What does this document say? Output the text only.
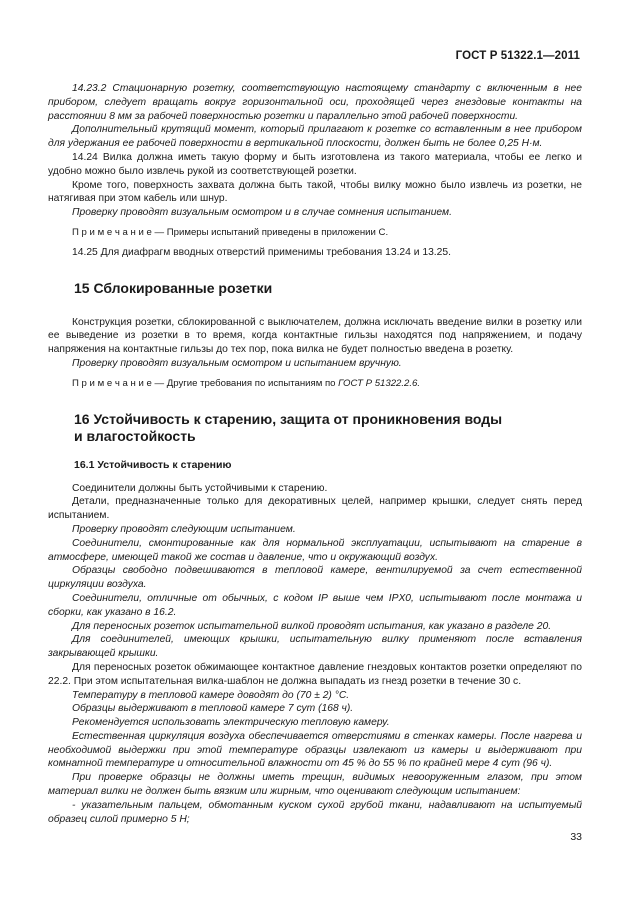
ГОСТ Р 51322.1—2011

14.23.2 Стационарную розетку, соответствующую настоящему стандарту с включенным в нее прибором, следует вращать вокруг горизонтальной оси, проходящей через гнездовые контакты на расстоянии 8 мм за рабочей поверхностью розетки и параллельно этой рабочей поверхности.

Дополнительный крутящий момент, который прилагают к розетке со вставленным в нее прибором для удержания ее рабочей поверхности в вертикальной плоскости, должен быть не более 0,25 Н·м.

14.24 Вилка должна иметь такую форму и быть изготовлена из такого материала, чтобы ее легко и удобно можно было извлечь рукой из соответствующей розетки.

Кроме того, поверхность захвата должна быть такой, чтобы вилку можно было извлечь из розетки, не натягивая при этом кабель или шнур.

Проверку проводят визуальным осмотром и в случае сомнения испытанием.

П р и м е ч а н и е — Примеры испытаний приведены в приложении С.

14.25 Для диафрагм вводных отверстий применимы требования 13.24 и 13.25.

15 Сблокированные розетки

Конструкция розетки, сблокированной с выключателем, должна исключать введение вилки в розетку или ее выведение из розетки в то время, когда контактные гильзы находятся под напряжением, и подачу напряжения на контактные гильзы до тех пор, пока вилка не будет полностью введена в розетку.

Проверку проводят визуальным осмотром и испытанием вручную.

П р и м е ч а н и е — Другие требования по испытаниям по ГОСТ Р 51322.2.6.

16 Устойчивость к старению, защита от проникновения воды
и влагостойкость
16.1 Устойчивость к старению

Соединители должны быть устойчивыми к старению.

Детали, предназначенные только для декоративных целей, например крышки, следует снять перед испытанием.

Проверку проводят следующим испытанием.

Соединители, смонтированные как для нормальной эксплуатации, испытывают на старение в атмосфере, имеющей такой же состав и давление, что и окружающий воздух.

Образцы свободно подвешиваются в тепловой камере, вентилируемой за счет естественной циркуляции воздуха.

Соединители, отличные от обычных, с кодом IP выше чем IPX0, испытывают после монтажа и сборки, как указано в 16.2.

Для переносных розеток испытательной вилкой проводят испытания, как указано в разделе 20.

Для соединителей, имеющих крышки, испытательную вилку применяют после вставления закрывающей крышки.

Для переносных розеток обжимающее контактное давление гнездовых контактов розетки определяют по 22.2. При этом испытательная вилка-шаблон не должна выпадать из гнезд розетки в течение 30 с.

Температуру в тепловой камере доводят до (70 ± 2) °С.

Образцы выдерживают в тепловой камере 7 сут (168 ч).

Рекомендуется использовать электрическую тепловую камеру.

Естественная циркуляция воздуха обеспечивается отверстиями в стенках камеры. После нагрева и необходимой выдержки при этой температуре образцы извлекают из камеры и выдерживают при комнатной температуре и относительной влажности от 45 % до 55 % по крайней мере 4 сут (96 ч).

При проверке образцы не должны иметь трещин, видимых невооруженным глазом, при этом материал вилки не должен быть вязким или жирным, что оценивают следующим испытанием:

- указательным пальцем, обмотанным куском сухой грубой ткани, надавливают на испытуемый образец силой примерно 5 Н;

33
